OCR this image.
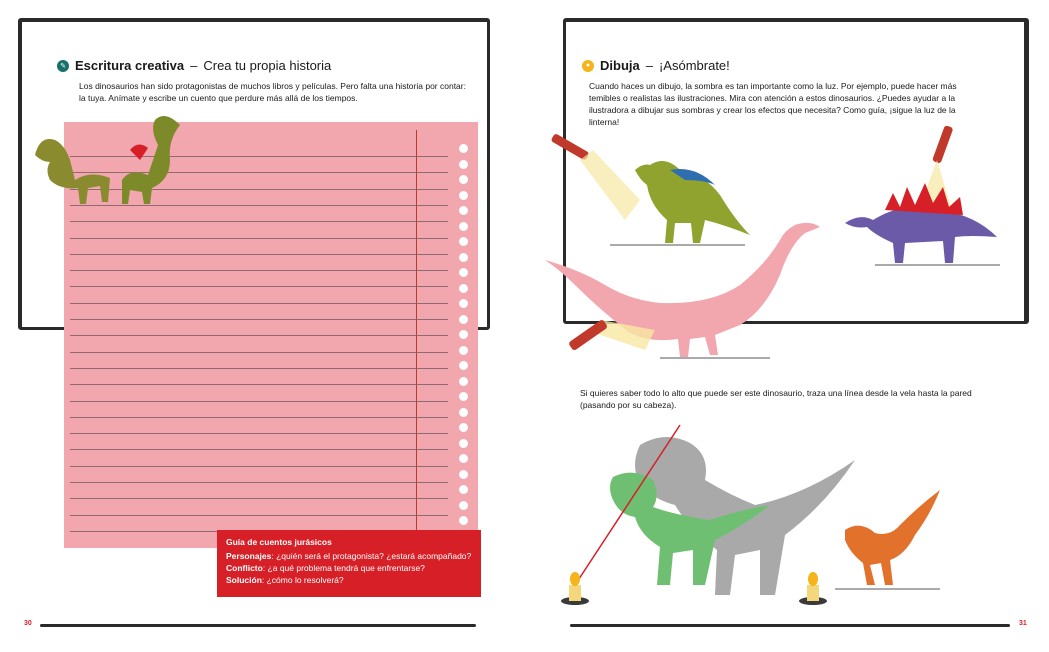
✎ Escritura creativa – Crea tu propia historia

Los dinosaurios han sido protagonistas de muchos libros y películas. Pero falta una historia por contar: la tuya. Anímate y escribe un cuento que perdure más allá de los tiempos.

Guía de cuentos jurásicos
Personajes: ¿quién será el protagonista? ¿estará acompañado?
Conflicto: ¿a qué problema tendrá que enfrentarse?
Solución: ¿cómo lo resolverá?
30
● Dibuja – ¡Asómbrate!

Cuando haces un dibujo, la sombra es tan importante como la luz. Por ejemplo, puede hacer más temibles o realistas las ilustraciones. Mira con atención a estos dinosaurios. ¿Puedes ayudar a la ilustradora a dibujar sus sombras y crear los efectos que necesita? Como guía, ¡sigue la luz de la linterna!

Si quieres saber todo lo alto que puede ser este dinosaurio, traza una línea desde la vela hasta la pared (pasando por su cabeza).

31
